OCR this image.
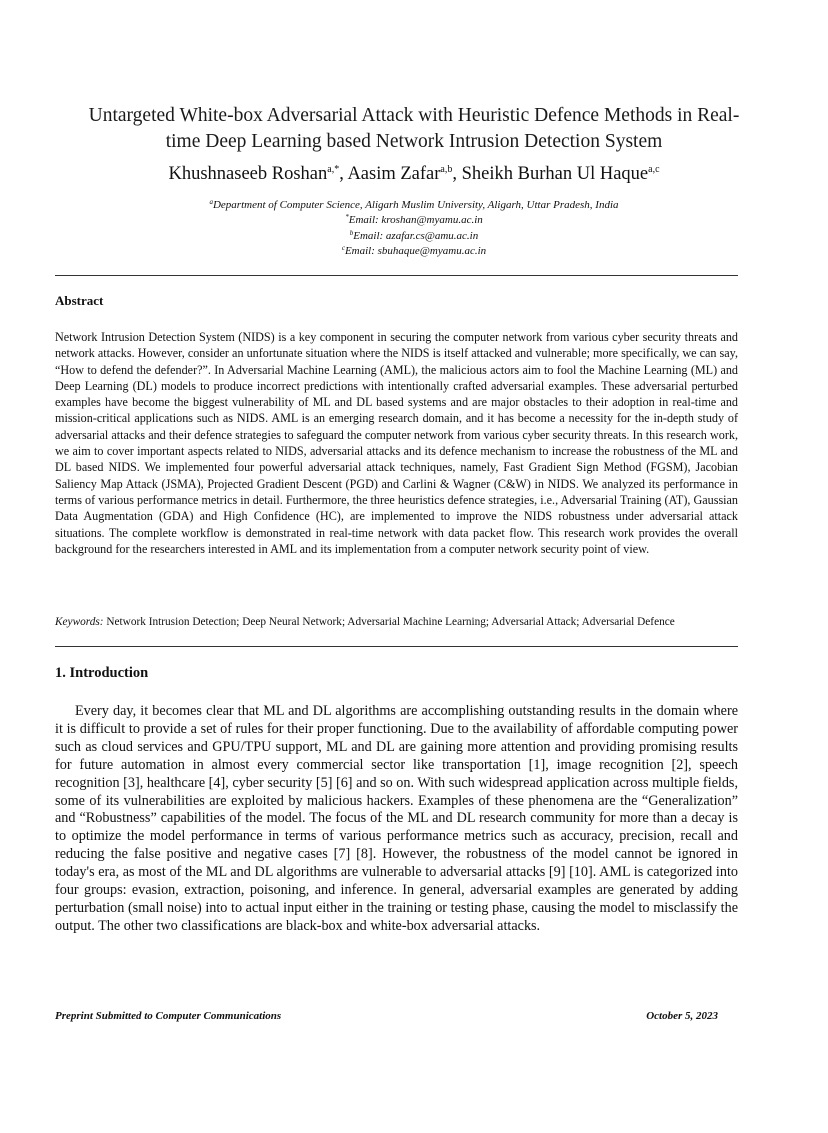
Untargeted White-box Adversarial Attack with Heuristic Defence Methods in Real-
time Deep Learning based Network Intrusion Detection System
Khushnaseeb Roshan$^{a,*}$, Aasim Zafar$^{a,b}$, Sheikh Burhan Ul Haque$^{a,c}$
$^a$Department of Computer Science, Aligarh Muslim University, Aligarh, Uttar Pradesh, India
*Email: kroshan@myamu.ac.in
$^b$Email: azafar.cs@amu.ac.in
$^c$Email: sbuhaque@myamu.ac.in
Abstract
Network Intrusion Detection System (NIDS) is a key component in securing the computer network from various cyber security threats and network attacks. However, consider an unfortunate situation where the NIDS is itself attacked and vulnerable; more specifically, we can say, “How to defend the defender?”. In Adversarial Machine Learning (AML), the malicious actors aim to fool the Machine Learning (ML) and Deep Learning (DL) models to produce incorrect predictions with intentionally crafted adversarial examples. These adversarial perturbed examples have become the biggest vulnerability of ML and DL based systems and are major obstacles to their adoption in real-time and mission-critical applications such as NIDS. AML is an emerging research domain, and it has become a necessity for the in-depth study of adversarial attacks and their defence strategies to safeguard the computer network from various cyber security threats. In this research work, we aim to cover important aspects related to NIDS, adversarial attacks and its defence mechanism to increase the robustness of the ML and DL based NIDS. We implemented four powerful adversarial attack techniques, namely, Fast Gradient Sign Method (FGSM), Jacobian Saliency Map Attack (JSMA), Projected Gradient Descent (PGD) and Carlini & Wagner (C&W) in NIDS. We analyzed its performance in terms of various performance metrics in detail. Furthermore, the three heuristics defence strategies, i.e., Adversarial Training (AT), Gaussian Data Augmentation (GDA) and High Confidence (HC), are implemented to improve the NIDS robustness under adversarial attack situations. The complete workflow is demonstrated in real-time network with data packet flow. This research work provides the overall background for the researchers interested in AML and its implementation from a computer network security point of view.
Keywords: Network Intrusion Detection; Deep Neural Network; Adversarial Machine Learning; Adversarial Attack; Adversarial Defence
1. Introduction
Every day, it becomes clear that ML and DL algorithms are accomplishing outstanding results in the domain where it is difficult to provide a set of rules for their proper functioning. Due to the availability of affordable computing power such as cloud services and GPU/TPU support, ML and DL are gaining more attention and providing promising results for future automation in almost every commercial sector like transportation [1], image recognition [2], speech recognition [3], healthcare [4], cyber security [5] [6] and so on. With such widespread application across multiple fields, some of its vulnerabilities are exploited by malicious hackers. Examples of these phenomena are the “Generalization” and “Robustness” capabilities of the model. The focus of the ML and DL research community for more than a decay is to optimize the model performance in terms of various performance metrics such as accuracy, precision, recall and reducing the false positive and negative cases [7] [8]. However, the robustness of the model cannot be ignored in today's era, as most of the ML and DL algorithms are vulnerable to adversarial attacks [9] [10]. AML is categorized into four groups: evasion, extraction, poisoning, and inference. In general, adversarial examples are generated by adding perturbation (small noise) into to actual input either in the training or testing phase, causing the model to misclassify the output. The other two classifications are black-box and white-box adversarial attacks.
Preprint Submitted to Computer Communications	October 5, 2023
